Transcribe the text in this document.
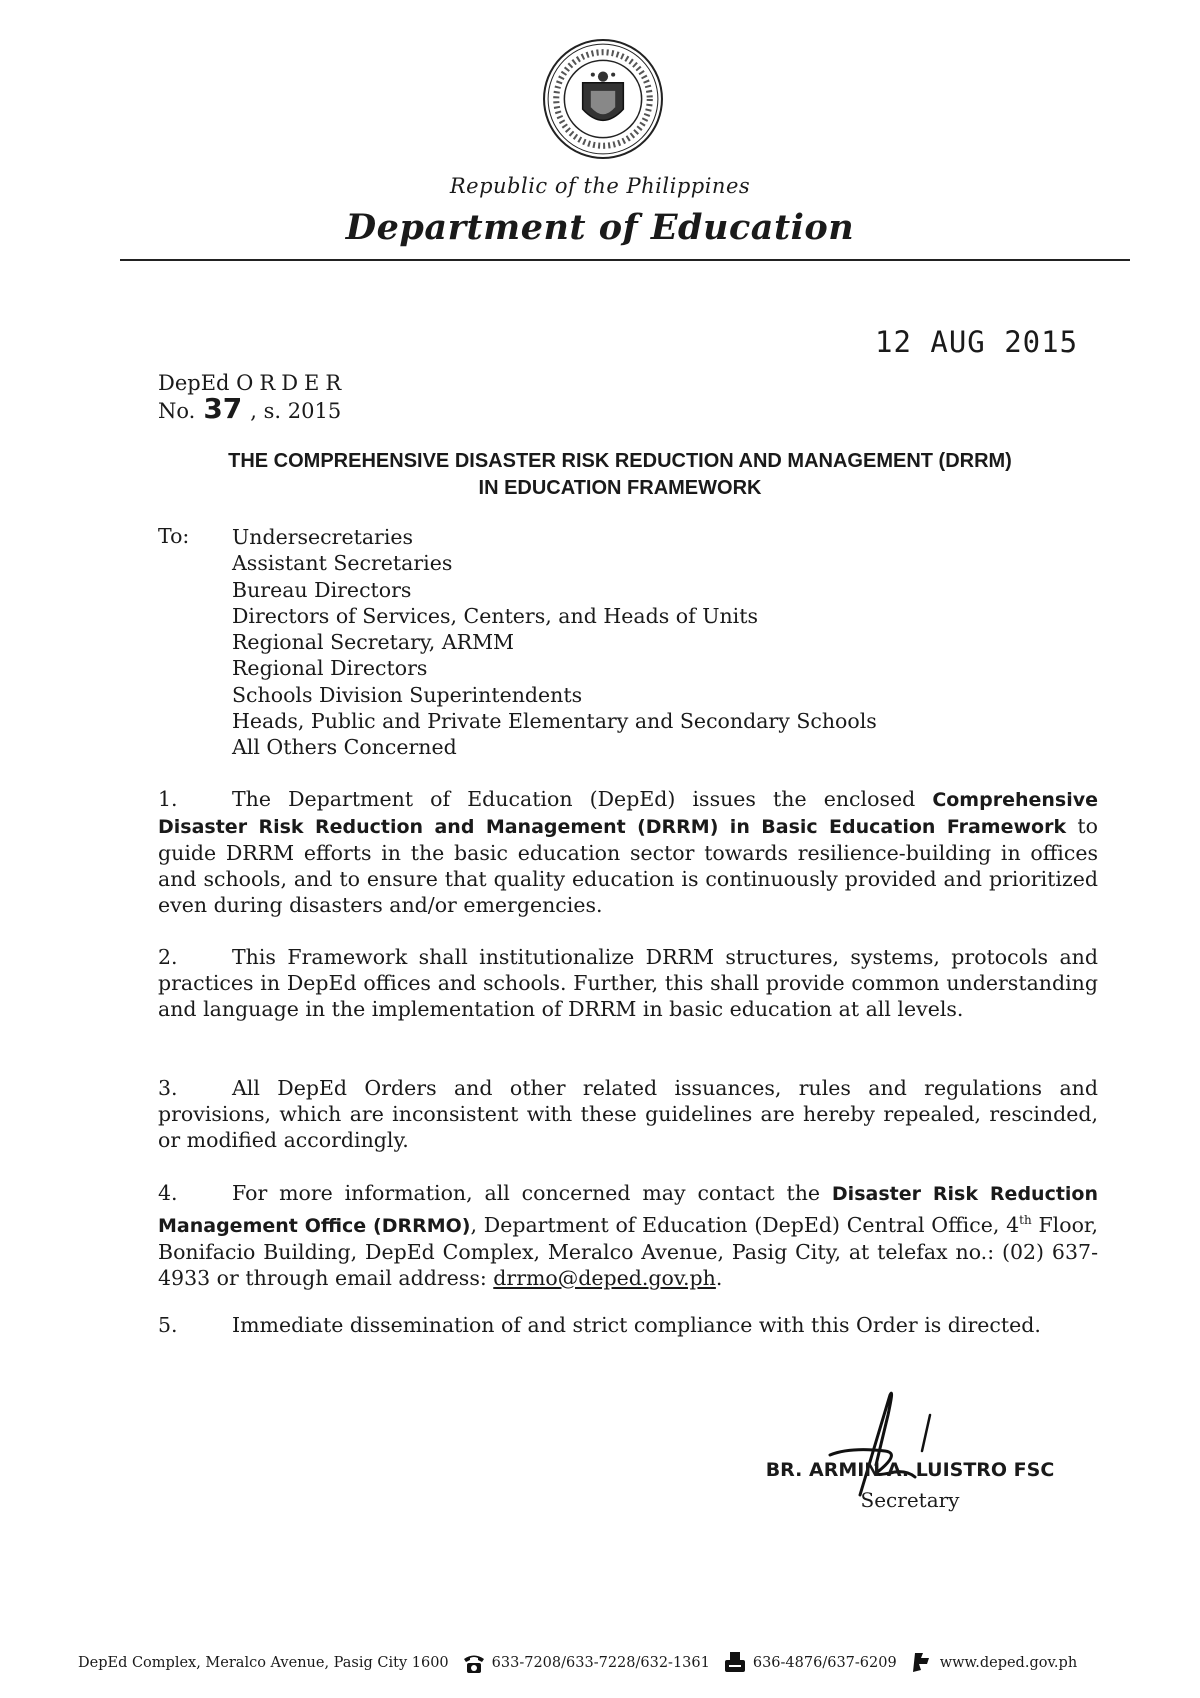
Republic of the Philippines
Department of Education
12 AUG 2015
DepEd ORDER
No. 37 , s. 2015
THE COMPREHENSIVE DISASTER RISK REDUCTION AND MANAGEMENT (DRRM)
IN EDUCATION FRAMEWORK
To: Undersecretaries
Assistant Secretaries
Bureau Directors
Directors of Services, Centers, and Heads of Units
Regional Secretary, ARMM
Regional Directors
Schools Division Superintendents
Heads, Public and Private Elementary and Secondary Schools
All Others Concerned

1.	The Department of Education (DepEd) issues the enclosed Comprehensive Disaster Risk Reduction and Management (DRRM) in Basic Education Framework to guide DRRM efforts in the basic education sector towards resilience-building in offices and schools, and to ensure that quality education is continuously provided and prioritized even during disasters and/or emergencies.

2.	This Framework shall institutionalize DRRM structures, systems, protocols and practices in DepEd offices and schools. Further, this shall provide common understanding and language in the implementation of DRRM in basic education at all levels.

3.	All DepEd Orders and other related issuances, rules and regulations and provisions, which are inconsistent with these guidelines are hereby repealed, rescinded, or modified accordingly.

4.	For more information, all concerned may contact the Disaster Risk Reduction Management Office (DRRMO), Department of Education (DepEd) Central Office, 4th Floor, Bonifacio Building, DepEd Complex, Meralco Avenue, Pasig City, at telefax no.: (02) 637-4933 or through email address: drrmo@deped.gov.ph.

5.	Immediate dissemination of and strict compliance with this Order is directed.

BR. ARMIN A. LUISTRO FSC
Secretary
DepEd Complex, Meralco Avenue, Pasig City 1600	633-7208/633-7228/632-1361	636-4876/637-6209	www.deped.gov.ph
